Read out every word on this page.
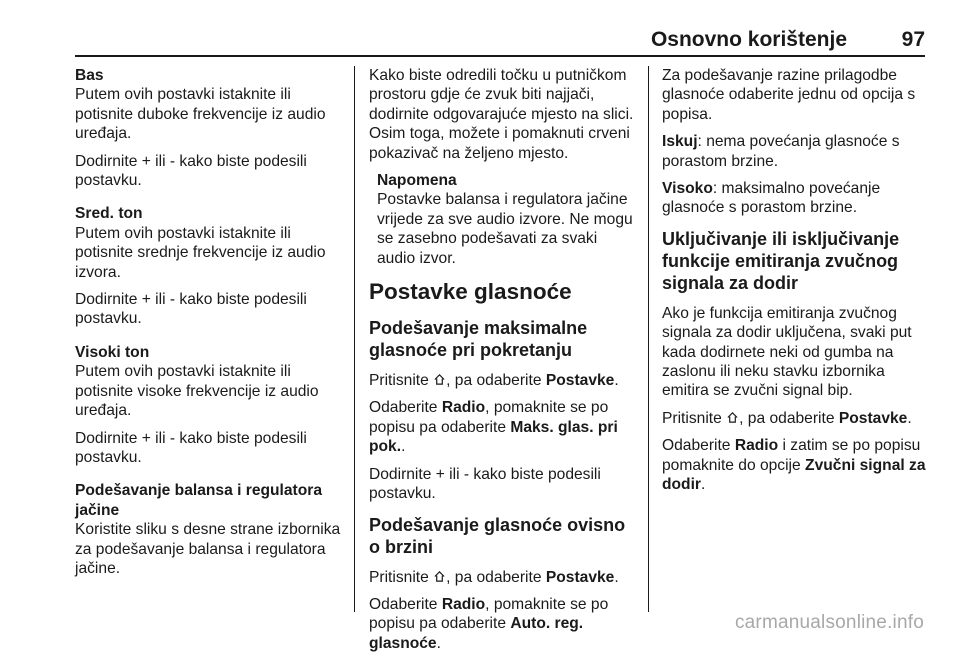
Osnovno korištenje	97
Bas

Putem ovih postavki istaknite ili potisnite duboke frekvencije iz audio uređaja.

Dodirnite + ili - kako biste podesili postavku.

Sred. ton

Putem ovih postavki istaknite ili potisnite srednje frekvencije iz audio izvora.

Dodirnite + ili - kako biste podesili postavku.

Visoki ton

Putem ovih postavki istaknite ili potisnite visoke frekvencije iz audio uređaja.

Dodirnite + ili - kako biste podesili postavku.

Podešavanje balansa i regulatora jačine

Koristite sliku s desne strane izbornika za podešavanje balansa i regulatora jačine.

Kako biste odredili točku u putničkom prostoru gdje će zvuk biti najjači, dodirnite odgovarajuće mjesto na slici. Osim toga, možete i pomaknuti crveni pokazivač na željeno mjesto.

Napomena

Postavke balansa i regulatora jačine vrijede za sve audio izvore. Ne mogu se zasebno podešavati za svaki audio izvor.

Postavke glasnoće
Podešavanje maksimalne glasnoće pri pokretanju

Pritisnite , pa odaberite Postavke.

Odaberite Radio, pomaknite se po popisu pa odaberite Maks. glas. pri pok..

Dodirnite + ili - kako biste podesili postavku.

Podešavanje glasnoće ovisno o brzini

Pritisnite , pa odaberite Postavke.

Odaberite Radio, pomaknite se po popisu pa odaberite Auto. reg. glasnoće.

Za podešavanje razine prilagodbe glasnoće odaberite jednu od opcija s popisa.

Iskuj: nema povećanja glasnoće s porastom brzine.

Visoko: maksimalno povećanje glasnoće s porastom brzine.

Uključivanje ili isključivanje funkcije emitiranja zvučnog signala za dodir

Ako je funkcija emitiranja zvučnog signala za dodir uključena, svaki put kada dodirnete neki od gumba na zaslonu ili neku stavku izbornika emitira se zvučni signal bip.

Pritisnite , pa odaberite Postavke.

Odaberite Radio i zatim se po popisu pomaknite do opcije Zvučni signal za dodir.

carmanualsonline.info
